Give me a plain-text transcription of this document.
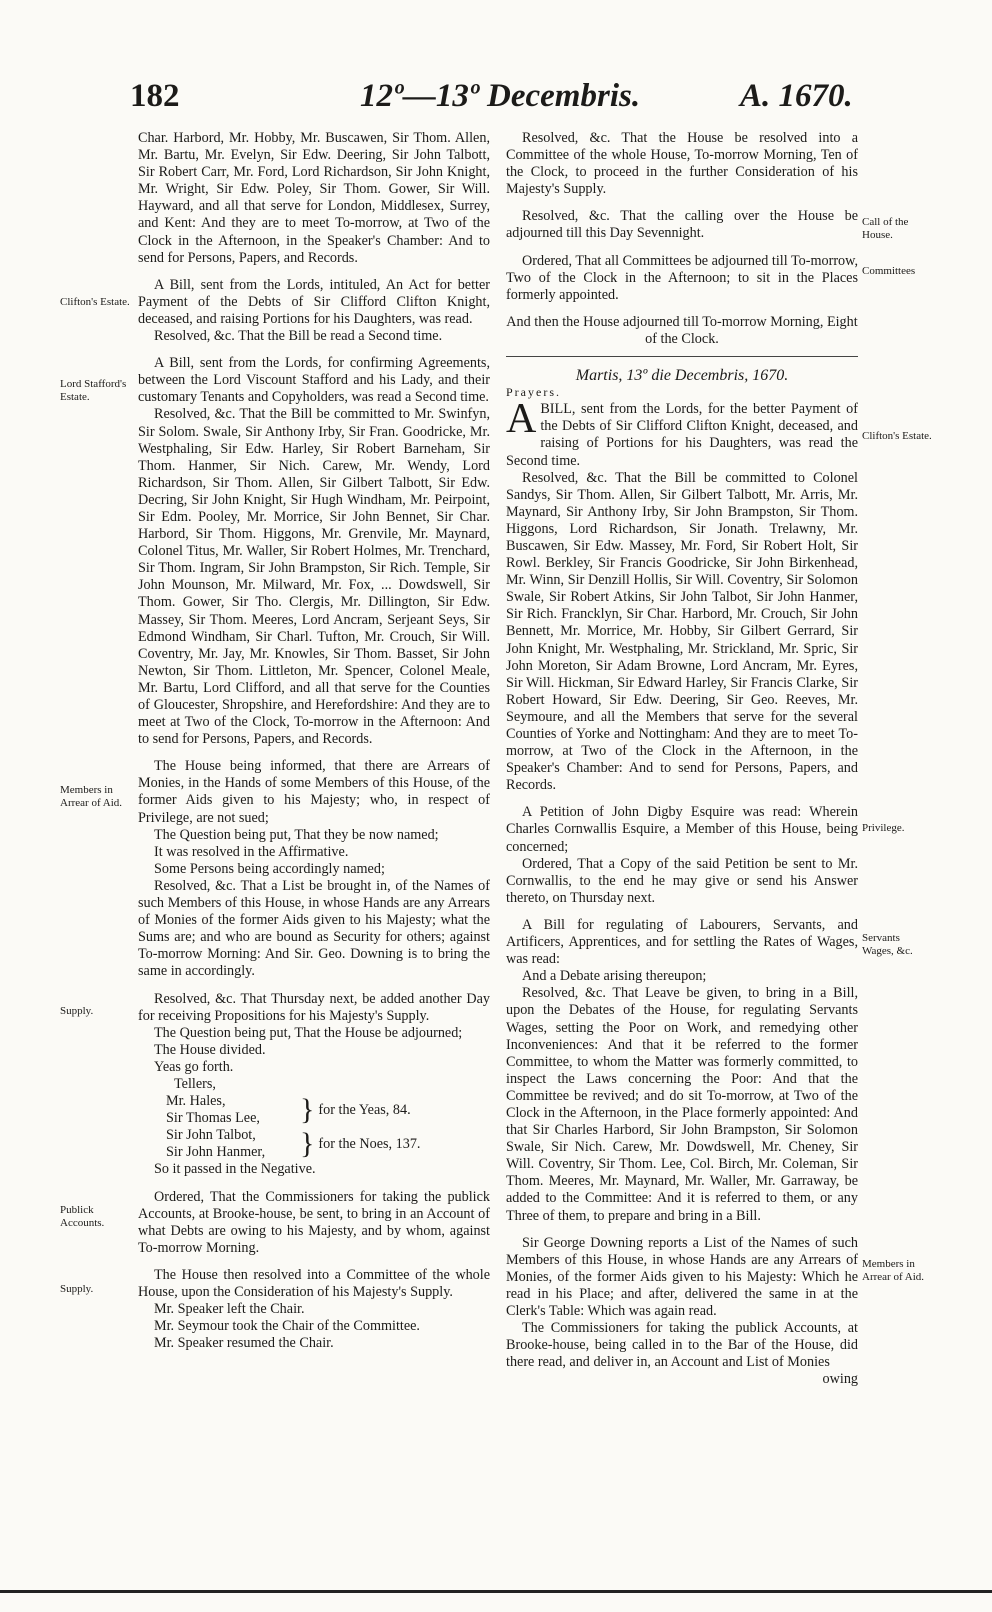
182	12º—13º Decembris.	A. 1670.
Clifton's Estate.
Lord Stafford's Estate.
Members in Arrear of Aid.
Supply.
Publick Accounts.
Supply.
Call of the House.
Committees
Clifton's Estate.
Privilege.
Servants Wages, &c.
Members in Arrear of Aid.

Char. Harbord, Mr. Hobby, Mr. Buscawen, Sir Thom. Allen, Mr. Bartu, Mr. Evelyn, Sir Edw. Deering, Sir John Talbott, Sir Robert Carr, Mr. Ford, Lord Richardson, Sir John Knight, Mr. Wright, Sir Edw. Poley, Sir Thom. Gower, Sir Will. Hayward, and all that serve for London, Middlesex, Surrey, and Kent: And they are to meet To-morrow, at Two of the Clock in the Afternoon, in the Speaker's Chamber: And to send for Persons, Papers, and Records.

A Bill, sent from the Lords, intituled, An Act for better Payment of the Debts of Sir Clifford Clifton Knight, deceased, and raising Portions for his Daughters, was read.

Resolved, &c. That the Bill be read a Second time.

A Bill, sent from the Lords, for confirming Agreements, between the Lord Viscount Stafford and his Lady, and their customary Tenants and Copyholders, was read a Second time.

Resolved, &c. That the Bill be committed to Mr. Swinfyn, Sir Solom. Swale, Sir Anthony Irby, Sir Fran. Goodricke, Mr. Westphaling, Sir Edw. Harley, Sir Robert Barneham, Sir Thom. Hanmer, Sir Nich. Carew, Mr. Wendy, Lord Richardson, Sir Thom. Allen, Sir Gilbert Talbott, Sir Edw. Decring, Sir John Knight, Sir Hugh Windham, Mr. Peirpoint, Sir Edm. Pooley, Mr. Morrice, Sir John Bennet, Sir Char. Harbord, Sir Thom. Higgons, Mr. Grenvile, Mr. Maynard, Colonel Titus, Mr. Waller, Sir Robert Holmes, Mr. Trenchard, Sir Thom. Ingram, Sir John Brampston, Sir Rich. Temple, Sir John Mounson, Mr. Milward, Mr. Fox, ... Dowdswell, Sir Thom. Gower, Sir Tho. Clergis, Mr. Dillington, Sir Edw. Massey, Sir Thom. Meeres, Lord Ancram, Serjeant Seys, Sir Edmond Windham, Sir Charl. Tufton, Mr. Crouch, Sir Will. Coventry, Mr. Jay, Mr. Knowles, Sir Thom. Basset, Sir John Newton, Sir Thom. Littleton, Mr. Spencer, Colonel Meale, Mr. Bartu, Lord Clifford, and all that serve for the Counties of Gloucester, Shropshire, and Herefordshire: And they are to meet at Two of the Clock, To-morrow in the Afternoon: And to send for Persons, Papers, and Records.

The House being informed, that there are Arrears of Monies, in the Hands of some Members of this House, of the former Aids given to his Majesty; who, in respect of Privilege, are not sued;

The Question being put, That they be now named;

It was resolved in the Affirmative.

Some Persons being accordingly named;

Resolved, &c. That a List be brought in, of the Names of such Members of this House, in whose Hands are any Arrears of Monies of the former Aids given to his Majesty; what the Sums are; and who are bound as Security for others; against To-morrow Morning: And Sir. Geo. Downing is to bring the same in accordingly.

Resolved, &c. That Thursday next, be added another Day for receiving Propositions for his Majesty's Supply.

The Question being put, That the House be adjourned;

The House divided.

Yeas go forth.

Tellers,

Mr. Hales,

Sir Thomas Lee,	} for the Yeas, 84.

Sir John Talbot,

Sir John Hanmer,	} for the Noes, 137.

So it passed in the Negative.

Ordered, That the Commissioners for taking the publick Accounts, at Brooke-house, be sent, to bring in an Account of what Debts are owing to his Majesty, and by whom, against To-morrow Morning.

The House then resolved into a Committee of the whole House, upon the Consideration of his Majesty's Supply.

Mr. Speaker left the Chair.

Mr. Seymour took the Chair of the Committee.

Mr. Speaker resumed the Chair.

Resolved, &c. That the House be resolved into a Committee of the whole House, To-morrow Morning, Ten of the Clock, to proceed in the further Consideration of his Majesty's Supply.

Resolved, &c. That the calling over the House be adjourned till this Day Sevennight.

Ordered, That all Committees be adjourned till To-morrow, Two of the Clock in the Afternoon; to sit in the Places formerly appointed.

And then the House adjourned till To-morrow Morning, Eight of the Clock.

Martis, 13º die Decembris, 1670.

Prayers.

ABILL, sent from the Lords, for the better Payment of the Debts of Sir Clifford Clifton Knight, deceased, and raising of Portions for his Daughters, was read the Second time.

Resolved, &c. That the Bill be committed to Colonel Sandys, Sir Thom. Allen, Sir Gilbert Talbott, Mr. Arris, Mr. Maynard, Sir Anthony Irby, Sir John Brampston, Sir Thom. Higgons, Lord Richardson, Sir Jonath. Trelawny, Mr. Buscawen, Sir Edw. Massey, Mr. Ford, Sir Robert Holt, Sir Rowl. Berkley, Sir Francis Goodricke, Sir John Birkenhead, Mr. Winn, Sir Denzill Hollis, Sir Will. Coventry, Sir Solomon Swale, Sir Robert Atkins, Sir John Talbot, Sir John Hanmer, Sir Rich. Francklyn, Sir Char. Harbord, Mr. Crouch, Sir John Bennett, Mr. Morrice, Mr. Hobby, Sir Gilbert Gerrard, Sir John Knight, Mr. Westphaling, Mr. Strickland, Mr. Spric, Sir John Moreton, Sir Adam Browne, Lord Ancram, Mr. Eyres, Sir Will. Hickman, Sir Edward Harley, Sir Francis Clarke, Sir Robert Howard, Sir Edw. Deering, Sir Geo. Reeves, Mr. Seymoure, and all the Members that serve for the several Counties of Yorke and Nottingham: And they are to meet To-morrow, at Two of the Clock in the Afternoon, in the Speaker's Chamber: And to send for Persons, Papers, and Records.

A Petition of John Digby Esquire was read: Wherein Charles Cornwallis Esquire, a Member of this House, being concerned;

Ordered, That a Copy of the said Petition be sent to Mr. Cornwallis, to the end he may give or send his Answer thereto, on Thursday next.

A Bill for regulating of Labourers, Servants, and Artificers, Apprentices, and for settling the Rates of Wages, was read:

And a Debate arising thereupon;

Resolved, &c. That Leave be given, to bring in a Bill, upon the Debates of the House, for regulating Servants Wages, setting the Poor on Work, and remedying other Inconveniences: And that it be referred to the former Committee, to whom the Matter was formerly committed, to inspect the Laws concerning the Poor: And that the Committee be revived; and do sit To-morrow, at Two of the Clock in the Afternoon, in the Place formerly appointed: And that Sir Charles Harbord, Sir John Brampston, Sir Solomon Swale, Sir Nich. Carew, Mr. Dowdswell, Mr. Cheney, Sir Will. Coventry, Sir Thom. Lee, Col. Birch, Mr. Coleman, Sir Thom. Meeres, Mr. Maynard, Mr. Waller, Mr. Garraway, be added to the Committee: And it is referred to them, or any Three of them, to prepare and bring in a Bill.

Sir George Downing reports a List of the Names of such Members of this House, in whose Hands are any Arrears of Monies, of the former Aids given to his Majesty: Which he read in his Place; and after, delivered the same in at the Clerk's Table: Which was again read.

The Commissioners for taking the publick Accounts, at Brooke-house, being called in to the Bar of the House, did there read, and deliver in, an Account and List of Monies

owing
